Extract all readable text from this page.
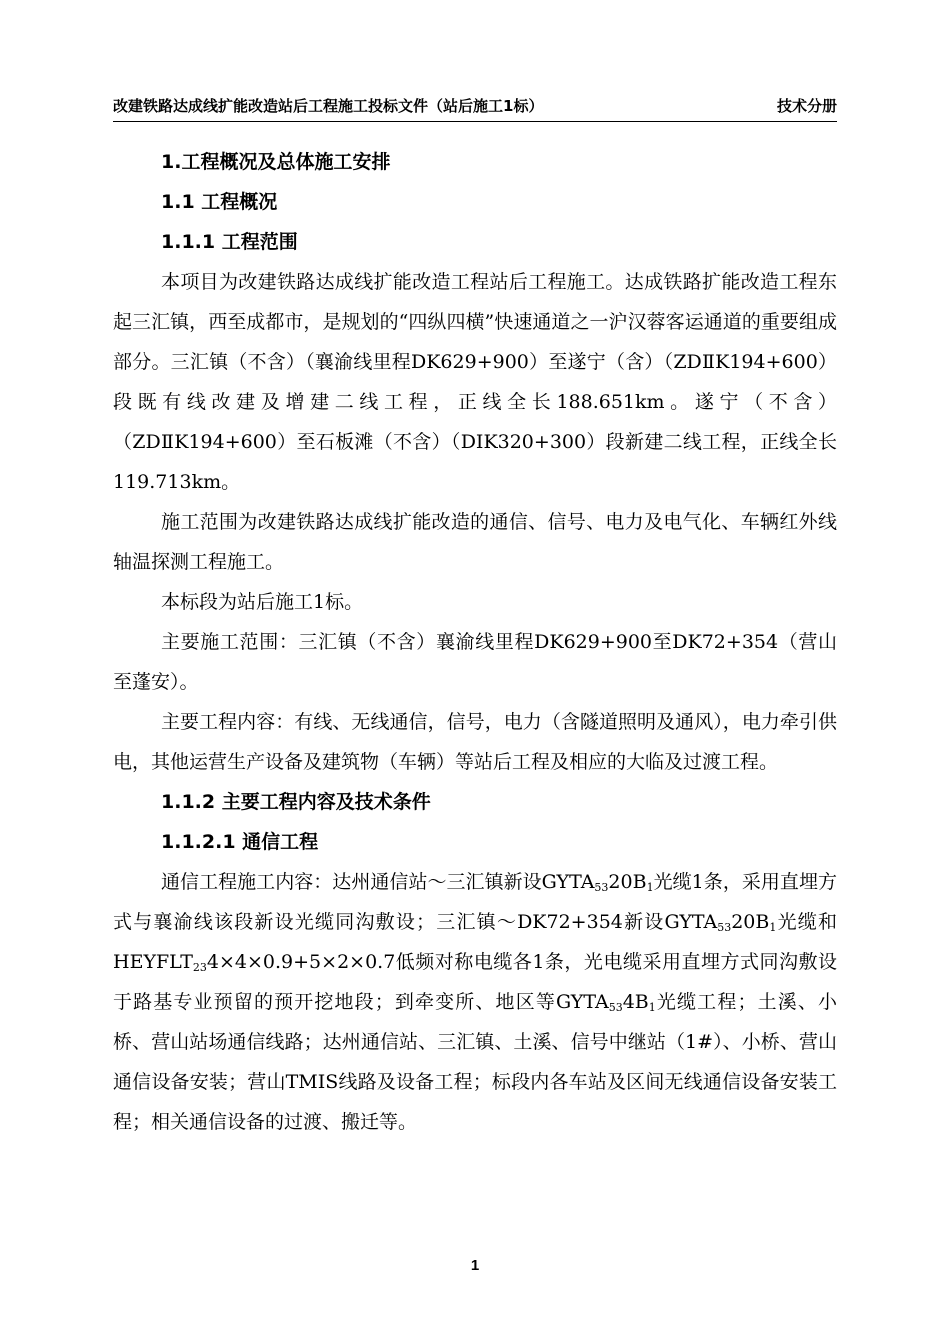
改建铁路达成线扩能改造站后工程施工投标文件（站后施工1标）	技术分册
1.工程概况及总体施工安排
1.1 工程概况
1.1.1 工程范围

本项目为改建铁路达成线扩能改造工程站后工程施工。达成铁路扩能改造工程东起三汇镇，西至成都市，是规划的“四纵四横”快速通道之一沪汉蓉客运通道的重要组成部分。三汇镇（不含）（襄渝线里程DK629+900）至遂宁（含）（ZDⅡK194+600）段既有线改建及增建二线工程，正线全长188.651km。遂宁（不含）（ZDⅡK194+600）至石板滩（不含）（DIK320+300）段新建二线工程，正线全长119.713km。

施工范围为改建铁路达成线扩能改造的通信、信号、电力及电气化、车辆红外线轴温探测工程施工。

本标段为站后施工1标。

主要施工范围：三汇镇（不含）襄渝线里程DK629+900至DK72+354（营山至蓬安）。

主要工程内容：有线、无线通信，信号，电力（含隧道照明及通风），电力牵引供电，其他运营生产设备及建筑物（车辆）等站后工程及相应的大临及过渡工程。

1.1.2 主要工程内容及技术条件
1.1.2.1 通信工程

通信工程施工内容：达州通信站～三汇镇新设$GYTA_{53}20B_1$光缆1条，采用直埋方式与襄渝线该段新设光缆同沟敷设；三汇镇～DK72+354新设$GYTA_{53}20B_1$光缆和$HEYFLT_{23}4\times 4\times 0.9+5\times 2\times 0.7$低频对称电缆各1条，光电缆采用直埋方式同沟敷设于路基专业预留的预开挖地段；到牵变所、地区等$GYTA_{53}4B_1$光缆工程；土溪、小桥、营山站场通信线路；达州通信站、三汇镇、土溪、信号中继站（1#）、小桥、营山通信设备安装；营山TMIS线路及设备工程；标段内各车站及区间无线通信设备安装工程；相关通信设备的过渡、搬迁等。

1
